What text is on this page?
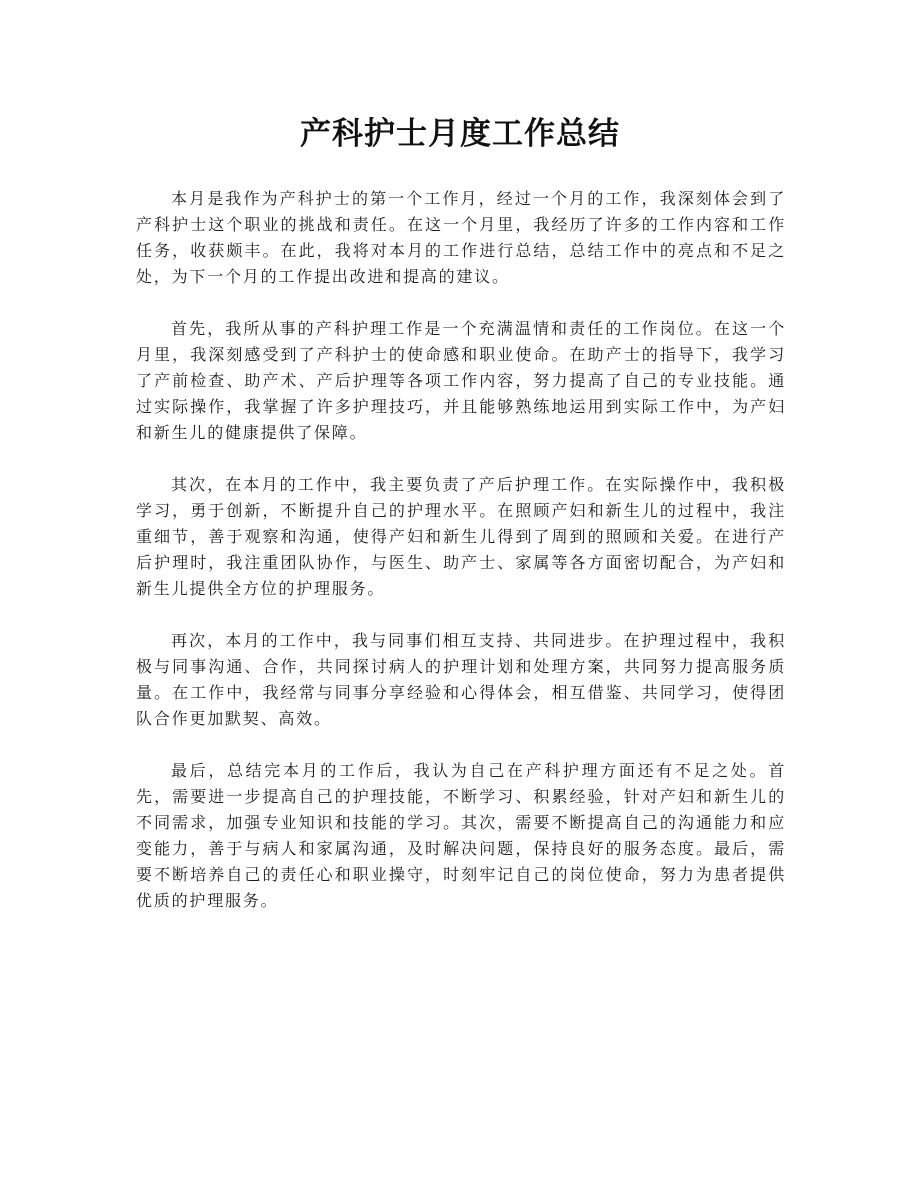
产科护士月度工作总结

本月是我作为产科护士的第一个工作月，经过一个月的工作，我深刻体会到了产科护士这个职业的挑战和责任。在这一个月里，我经历了许多的工作内容和工作任务，收获颇丰。在此，我将对本月的工作进行总结，总结工作中的亮点和不足之处，为下一个月的工作提出改进和提高的建议。

首先，我所从事的产科护理工作是一个充满温情和责任的工作岗位。在这一个月里，我深刻感受到了产科护士的使命感和职业使命。在助产士的指导下，我学习了产前检查、助产术、产后护理等各项工作内容，努力提高了自己的专业技能。通过实际操作，我掌握了许多护理技巧，并且能够熟练地运用到实际工作中，为产妇和新生儿的健康提供了保障。

其次，在本月的工作中，我主要负责了产后护理工作。在实际操作中，我积极学习，勇于创新，不断提升自己的护理水平。在照顾产妇和新生儿的过程中，我注重细节，善于观察和沟通，使得产妇和新生儿得到了周到的照顾和关爱。在进行产后护理时，我注重团队协作，与医生、助产士、家属等各方面密切配合，为产妇和新生儿提供全方位的护理服务。

再次，本月的工作中，我与同事们相互支持、共同进步。在护理过程中，我积极与同事沟通、合作，共同探讨病人的护理计划和处理方案，共同努力提高服务质量。在工作中，我经常与同事分享经验和心得体会，相互借鉴、共同学习，使得团队合作更加默契、高效。

最后，总结完本月的工作后，我认为自己在产科护理方面还有不足之处。首先，需要进一步提高自己的护理技能，不断学习、积累经验，针对产妇和新生儿的不同需求，加强专业知识和技能的学习。其次，需要不断提高自己的沟通能力和应变能力，善于与病人和家属沟通，及时解决问题，保持良好的服务态度。最后，需要不断培养自己的责任心和职业操守，时刻牢记自己的岗位使命，努力为患者提供优质的护理服务。
